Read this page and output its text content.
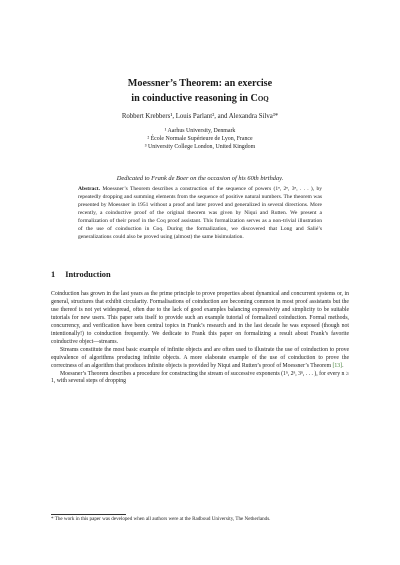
Moessner’s Theorem: an exercise
in coinductive reasoning in Coq
Robbert Krebbers¹, Louis Parlant², and Alexandra Silva³*
¹ Aarhus University, Denmark
² École Normale Supérieure de Lyon, France
³ University College London, United Kingdom
Dedicated to Frank de Boer on the occasion of his 60th birthday.
Abstract. Moessner’s Theorem describes a construction of the sequence of powers (1ⁿ, 2ⁿ, 3ⁿ, . . . ), by repeatedly dropping and summing elements from the sequence of positive natural numbers. The theorem was presented by Moessner in 1951 without a proof and later proved and generalized in several directions. More recently, a coinductive proof of the original theorem was given by Niqui and Rutten. We present a formalization of their proof in the Coq proof assistant. This formalization serves as a non-trivial illustration of the use of coinduction in Coq. During the formalization, we discovered that Long and Salié’s generalizations could also be proved using (almost) the same bisimulation.
1 Introduction

Coinduction has grown in the last years as the prime principle to prove properties about dynamical and concurrent systems or, in general, structures that exhibit circularity. Formalisations of coinduction are becoming common in most proof assistants but the use thereof is not yet widespread, often due to the lack of good examples balancing expressivity and simplicity to be suitable tutorials for new users. This paper sets itself to provide such an example tutorial of formalized coinduction. Formal methods, concurrency, and verification have been central topics in Frank’s research and in the last decade he was exposed (though not intentionally!) to coinduction frequently. We dedicate to Frank this paper on formalizing a result about Frank’s favorite coinductive object—streams.

Streams constitute the most basic example of infinite objects and are often used to illustrate the use of coinduction to prove equivalence of algorithms producing infinite objects. A more elaborate example of the use of coinduction to prove the correctness of an algorithm that produces infinite objects is provided by Niqui and Rutten’s proof of Moessner’s Theorem [13].

Moessner’s Theorem describes a procedure for constructing the stream of successive exponents (1ⁿ, 2ⁿ, 3ⁿ, . . . ), for every n ≥ 1, with several steps of dropping

* The work in this paper was developed when all authors were at the Radboud University, The Netherlands.
